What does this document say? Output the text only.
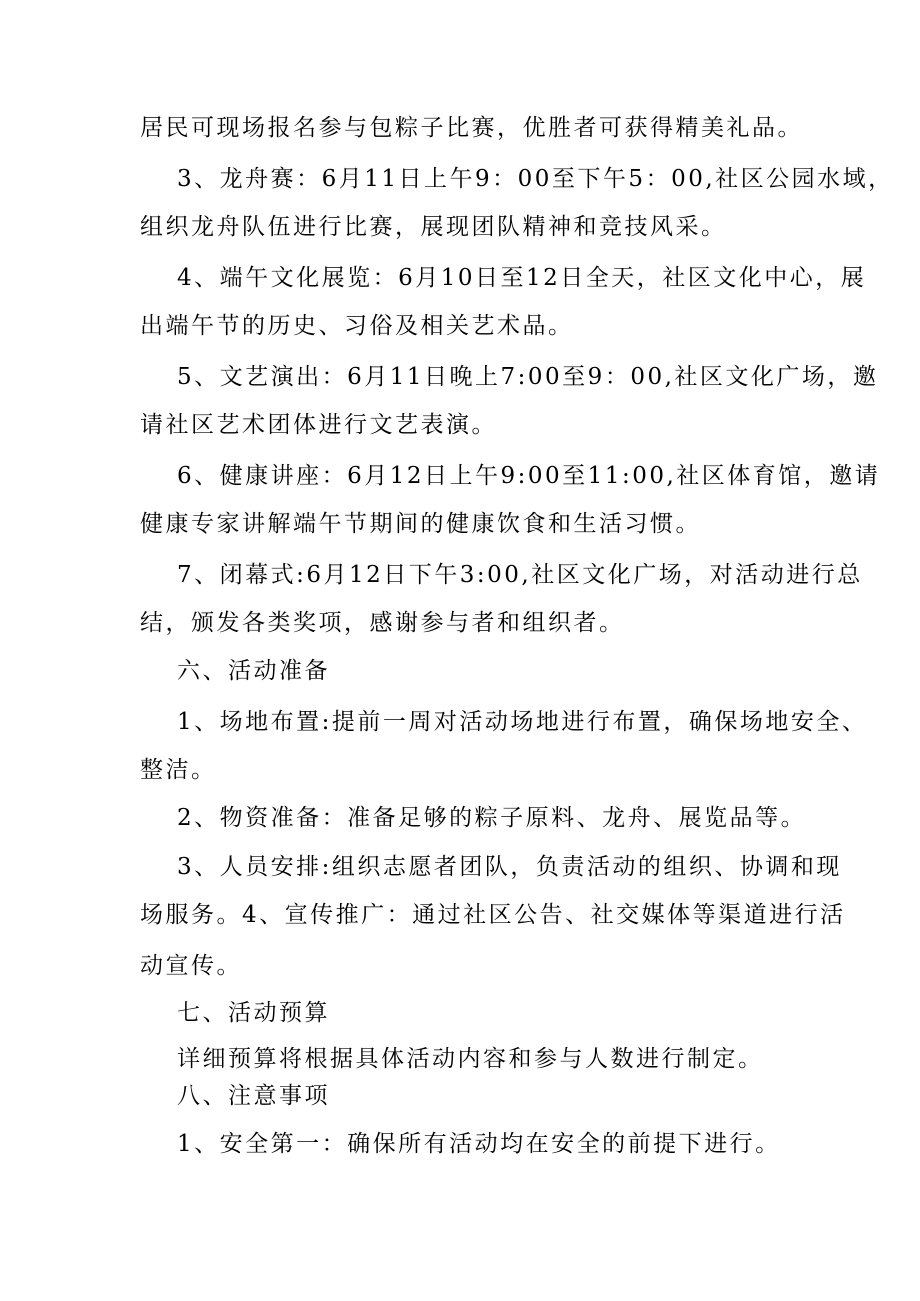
居民可现场报名参与包粽子比赛，优胜者可获得精美礼品。

3、龙舟赛：6月11日上午9：00至下午5：00,社区公园水域，

组织龙舟队伍进行比赛，展现团队精神和竞技风采。

4、端午文化展览：6月10日至12日全天，社区文化中心，展

出端午节的历史、习俗及相关艺术品。

5、文艺演出：6月11日晚上7:00至9：00,社区文化广场，邀

请社区艺术团体进行文艺表演。

6、健康讲座：6月12日上午9:00至11:00,社区体育馆，邀请

健康专家讲解端午节期间的健康饮食和生活习惯。

7、闭幕式:6月12日下午3:00,社区文化广场，对活动进行总

结，颁发各类奖项，感谢参与者和组织者。

六、活动准备

1、场地布置:提前一周对活动场地进行布置，确保场地安全、

整洁。

2、物资准备：准备足够的粽子原料、龙舟、展览品等。

3、人员安排:组织志愿者团队，负责活动的组织、协调和现

场服务。4、宣传推广：通过社区公告、社交媒体等渠道进行活

动宣传。

七、活动预算

详细预算将根据具体活动内容和参与人数进行制定。

八、注意事项

1、安全第一：确保所有活动均在安全的前提下进行。
